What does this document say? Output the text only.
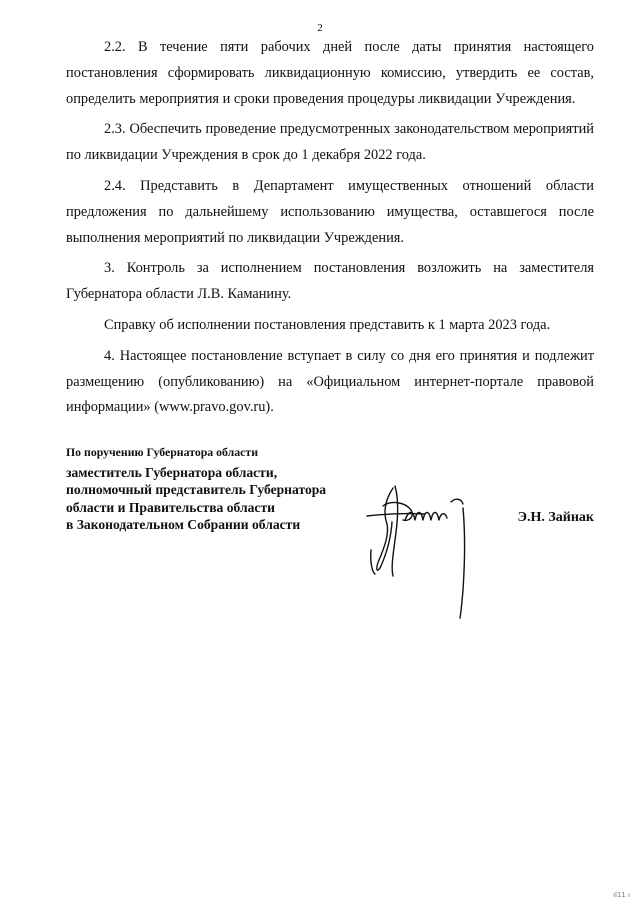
2

2.2. В течение пяти рабочих дней после даты принятия настоящего постановления сформировать ликвидационную комиссию, утвердить ее состав, определить мероприятия и сроки проведения процедуры ликвидации Учреждения.

2.3. Обеспечить проведение предусмотренных законодательством мероприятий по ликвидации Учреждения в срок до 1 декабря 2022 года.

2.4. Представить в Департамент имущественных отношений области предложения по дальнейшему использованию имущества, оставшегося после выполнения мероприятий по ликвидации Учреждения.

3. Контроль за исполнением постановления возложить на заместителя Губернатора области Л.В. Каманину.

Справку об исполнении постановления представить к 1 марта 2023 года.

4. Настоящее постановление вступает в силу со дня его принятия и подлежит размещению (опубликованию) на «Официальном интернет-портале правовой информации» (www.pravo.gov.ru).

По поручению Губернатора области
заместитель Губернатора области,
полномочный представитель Губернатора
области и Правительства области
в Законодательном Собрании области	Э.Н. Зайнак
ıl11 ı
